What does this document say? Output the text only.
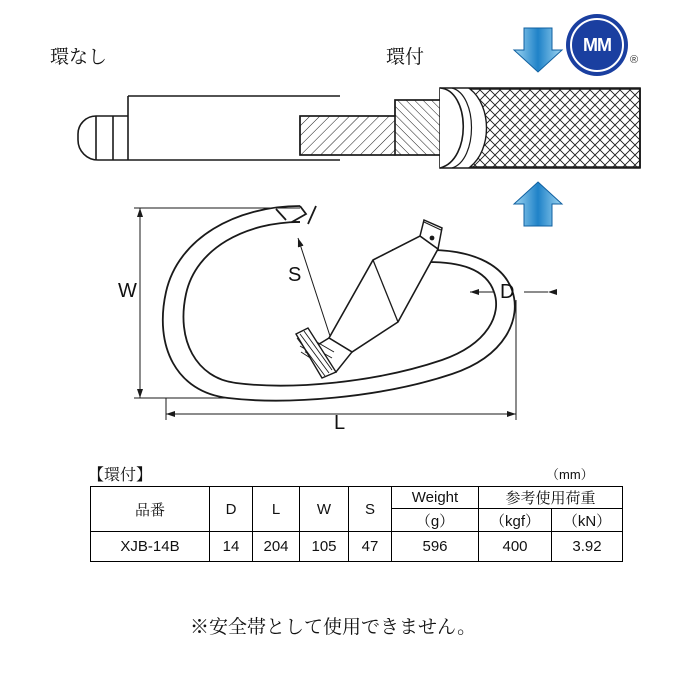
MM
®
環なし	環付
W
L
S
D
【環付】	（mm）
品番	D	L	W	S	Weight	参考使用荷重	
					（g）	（kgf）	（kN）
XJB-14B	14	204	105	47	596	400	3.92
※安全帯として使用できません。
